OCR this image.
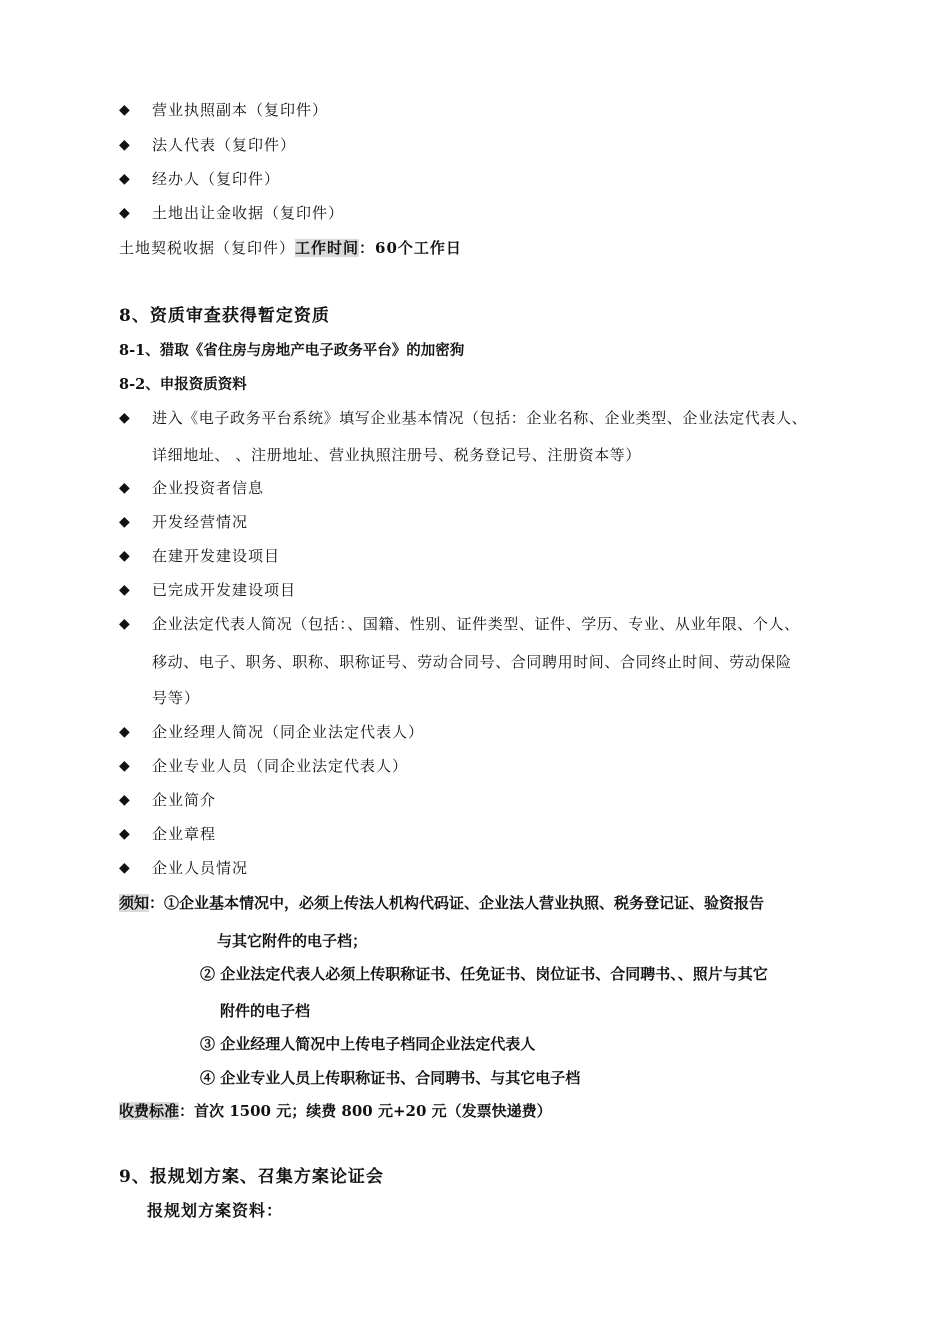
◆	营业执照副本（复印件）
◆	法人代表（复印件）
◆	经办人（复印件）
◆	土地出让金收据（复印件）
土地契税收据（复印件）工作时间：60个工作日
8、资质审查获得暂定资质
8-1、猎取《省住房与房地产电子政务平台》的加密狗
8-2、申报资质资料
◆	进入《电子政务平台系统》填写企业基本情况（包括：企业名称、企业类型、企业法定代表人、
详细地址、 、注册地址、营业执照注册号、税务登记号、注册资本等）
◆	企业投资者信息
◆	开发经营情况
◆	在建开发建设项目
◆	已完成开发建设项目
◆	企业法定代表人简况（包括：、国籍、性别、证件类型、证件、学历、专业、从业年限、个人、
移动、电子、职务、职称、职称证号、劳动合同号、合同聘用时间、合同终止时间、劳动保险
号等）
◆	企业经理人简况（同企业法定代表人）
◆	企业专业人员（同企业法定代表人）
◆	企业简介
◆	企业章程
◆	企业人员情况
须知：①企业基本情况中，必须上传法人机构代码证、企业法人营业执照、税务登记证、验资报告
与其它附件的电子档；
② 企业法定代表人必须上传职称证书、任免证书、岗位证书、合同聘书、、照片与其它
附件的电子档
③ 企业经理人简况中上传电子档同企业法定代表人
④ 企业专业人员上传职称证书、合同聘书、与其它电子档
收费标准：首次 1500 元；续费 800 元+20 元（发票快递费）
9、报规划方案、召集方案论证会
报规划方案资料：
